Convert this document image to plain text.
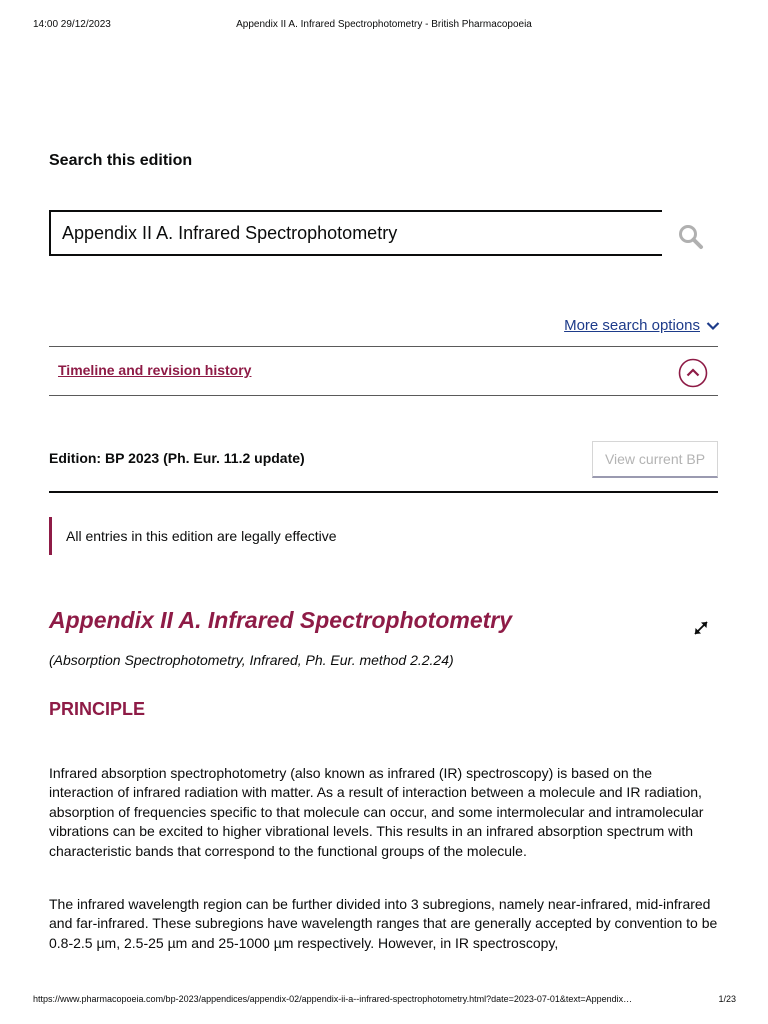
14:00 29/12/2023	Appendix II A. Infrared Spectrophotometry - British Pharmacopoeia
Search this edition
Appendix II A. Infrared Spectrophotometry
More search options
Timeline and revision history
Edition: BP 2023 (Ph. Eur. 11.2 update)	View current BP
All entries in this edition are legally effective
Appendix II A. Infrared Spectrophotometry
(Absorption Spectrophotometry, Infrared, Ph. Eur. method 2.2.24)
PRINCIPLE
Infrared absorption spectrophotometry (also known as infrared (IR) spectroscopy) is based on the interaction of infrared radiation with matter. As a result of interaction between a molecule and IR radiation, absorption of frequencies specific to that molecule can occur, and some intermolecular and intramolecular vibrations can be excited to higher vibrational levels. This results in an infrared absorption spectrum with characteristic bands that correspond to the functional groups of the molecule.
The infrared wavelength region can be further divided into 3 subregions, namely near-infrared, mid-infrared and far-infrared. These subregions have wavelength ranges that are generally accepted by convention to be 0.8-2.5 µm, 2.5-25 µm and 25-1000 µm respectively. However, in IR spectroscopy,
https://www.pharmacopoeia.com/bp-2023/appendices/appendix-02/appendix-ii-a--infrared-spectrophotometry.html?date=2023-07-01&text=Appendix…	1/23
